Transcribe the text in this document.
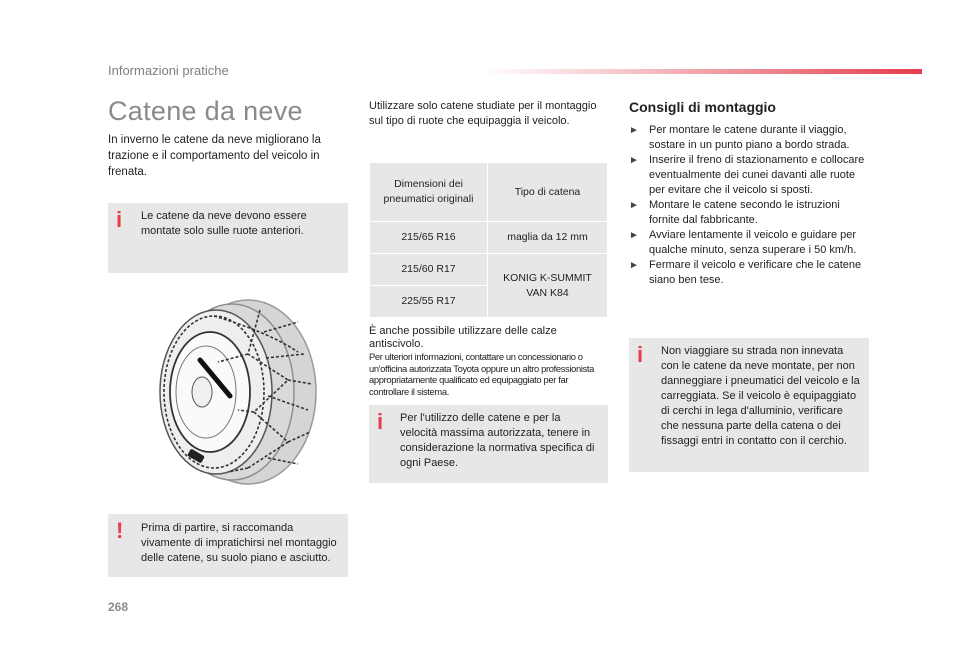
Informazioni pratiche
Catene da neve

In inverno le catene da neve migliorano la trazione e il comportamento del veicolo in frenata.

i Le catene da neve devono essere montate solo sulle ruote anteriori.

! Prima di partire, si raccomanda vivamente di impratichirsi nel montaggio delle catene, su suolo piano e asciutto.

Utilizzare solo catene studiate per il montaggio sul tipo di ruote che equipaggia il veicolo.

Dimensioni dei pneumatici originali	Tipo di catena
215/65 R16	maglia da 12 mm
215/60 R17	KONIG K-SUMMIT VAN K84
225/55 R17	

È anche possibile utilizzare delle calze antiscivolo.

Per ulteriori informazioni, contattare un concessionario o un'officina autorizzata Toyota oppure un altro professionista appropriatamente qualificato ed equipaggiato per far controllare il sistema.

i Per l'utilizzo delle catene e per la velocità massima autorizzata, tenere in considerazione la normativa specifica di ogni Paese.

Consigli di montaggio
► Per montare le catene durante il viaggio, sostare in un punto piano a bordo strada.
► Inserire il freno di stazionamento e collocare eventualmente dei cunei davanti alle ruote per evitare che il veicolo si sposti.
► Montare le catene secondo le istruzioni fornite dal fabbricante.
► Avviare lentamente il veicolo e guidare per qualche minuto, senza superare i 50 km/h.
► Fermare il veicolo e verificare che le catene siano ben tese.
i Non viaggiare su strada non innevata con le catene da neve montate, per non danneggiare i pneumatici del veicolo e la carreggiata. Se il veicolo è equipaggiato di cerchi in lega d'alluminio, verificare che nessuna parte della catena o dei fissaggi entri in contatto con il cerchio.

268
